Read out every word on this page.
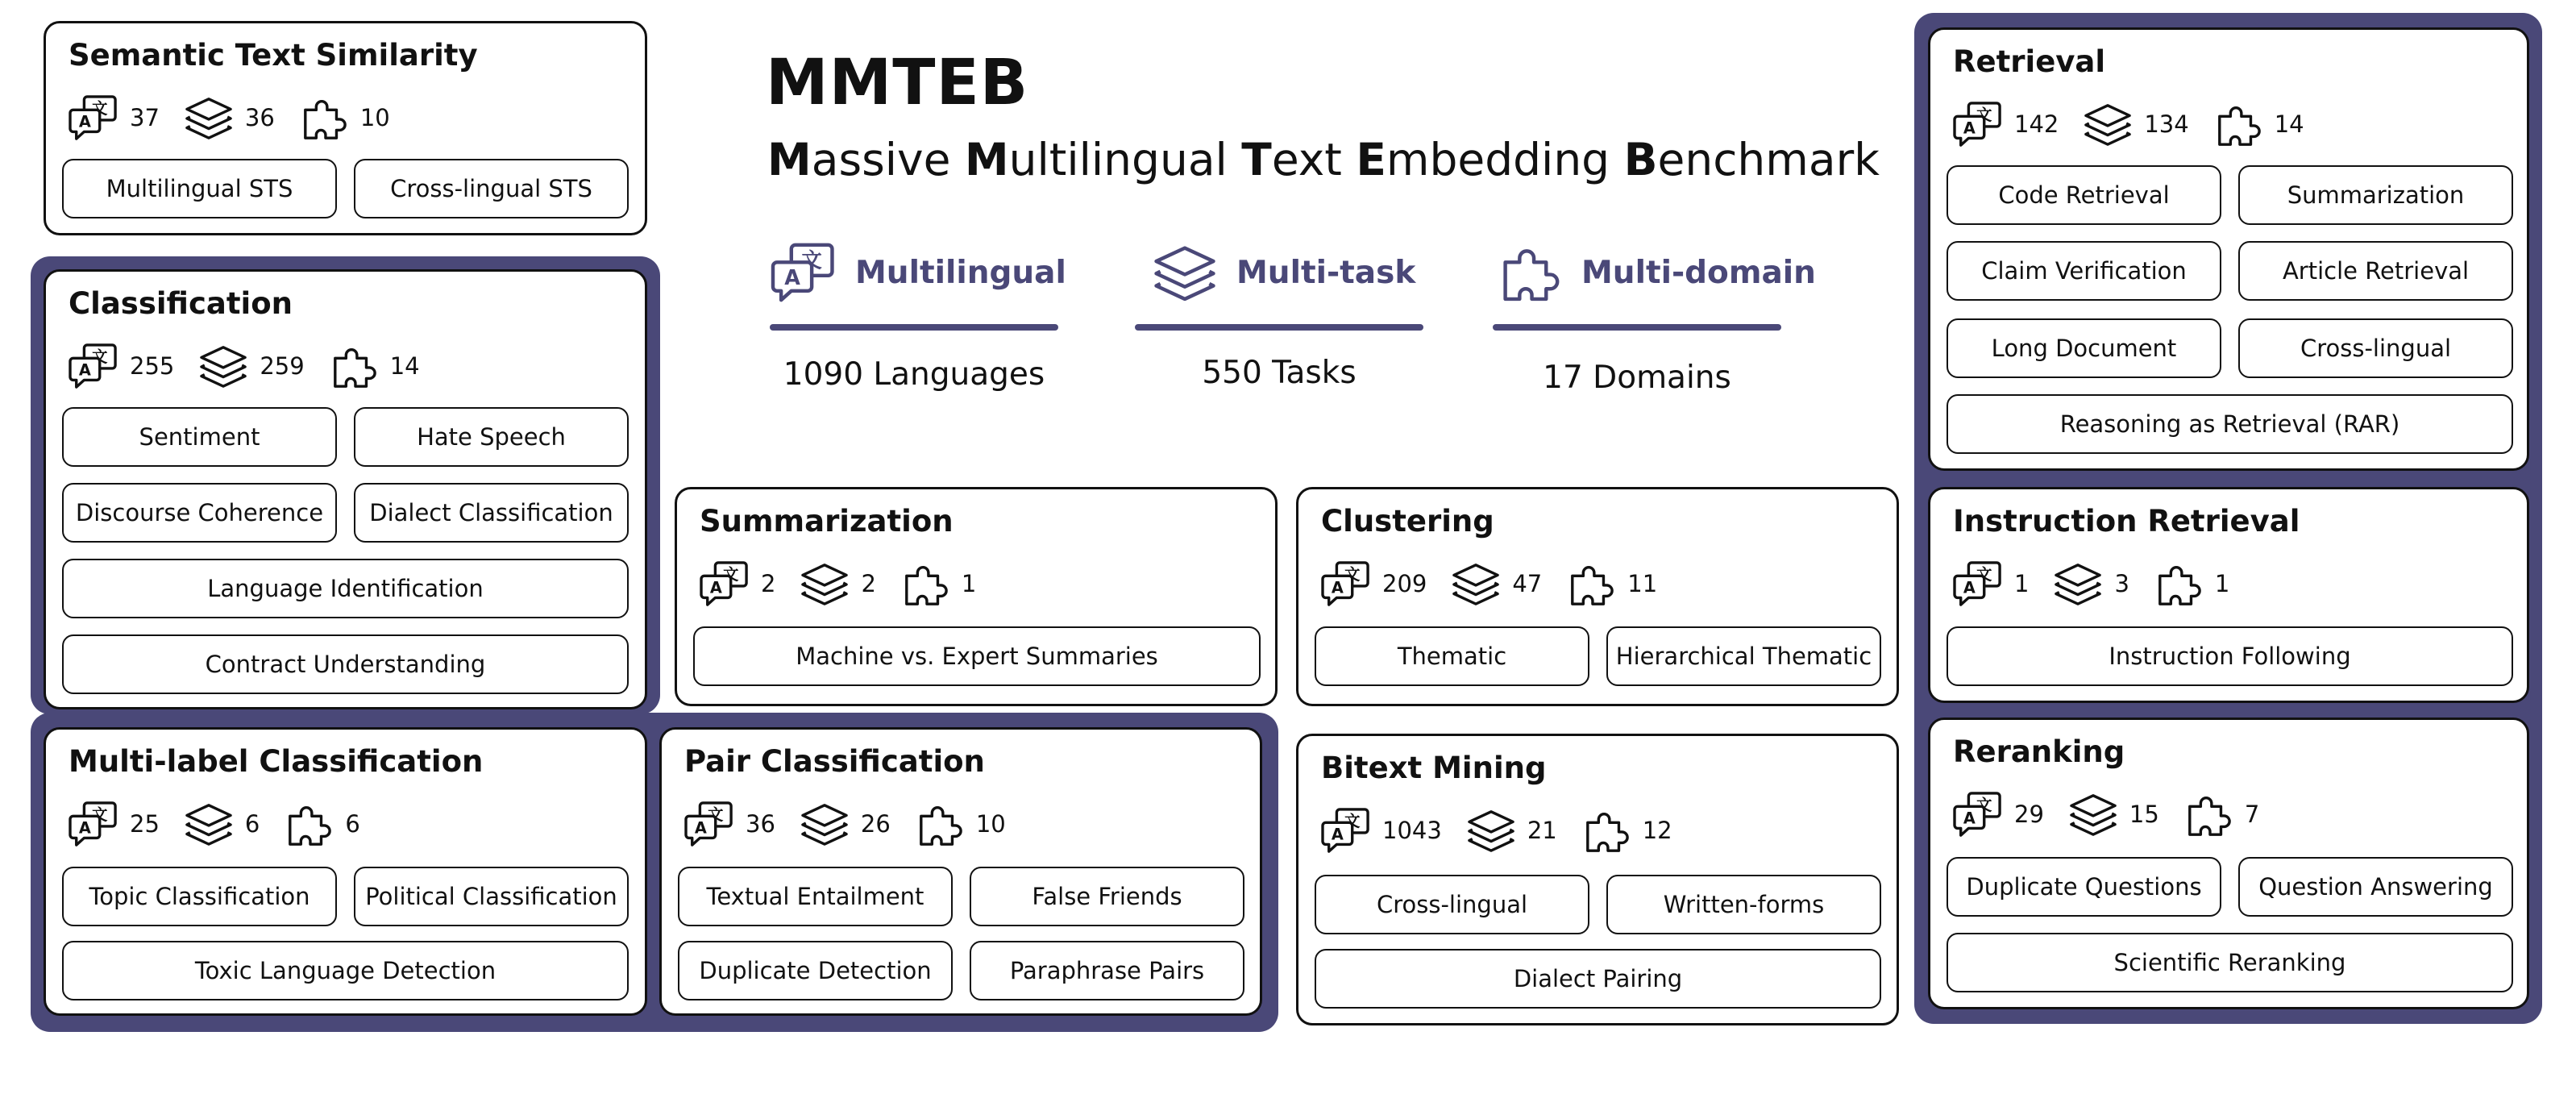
MMTEB
Massive Multilingual Text Embedding Benchmark
Multilingual
1090 Languages
Multi-task
550 Tasks
Multi-domain
17 Domains
Semantic Text Similarity
37	36	10
Multilingual STS	Cross-lingual STS
Classification
255	259	14
Sentiment	Hate Speech
Discourse Coherence	Dialect Classification
Language Identification
Contract Understanding
Multi-label Classification
25	6	6
Topic Classification	Political Classification
Toxic Language Detection
Pair Classification
36	26	10
Textual Entailment	False Friends
Duplicate Detection	Paraphrase Pairs
Summarization
2	2	1
Machine vs. Expert Summaries
Clustering
209	47	11
Thematic	Hierarchical Thematic
Bitext Mining
1043	21	12
Cross-lingual	Written-forms
Dialect Pairing
Retrieval
142	134	14
Code Retrieval	Summarization
Claim Verification	Article Retrieval
Long Document	Cross-lingual
Reasoning as Retrieval (RAR)
Instruction Retrieval
1	3	1
Instruction Following
Reranking
29	15	7
Duplicate Questions	Question Answering
Scientific Reranking
